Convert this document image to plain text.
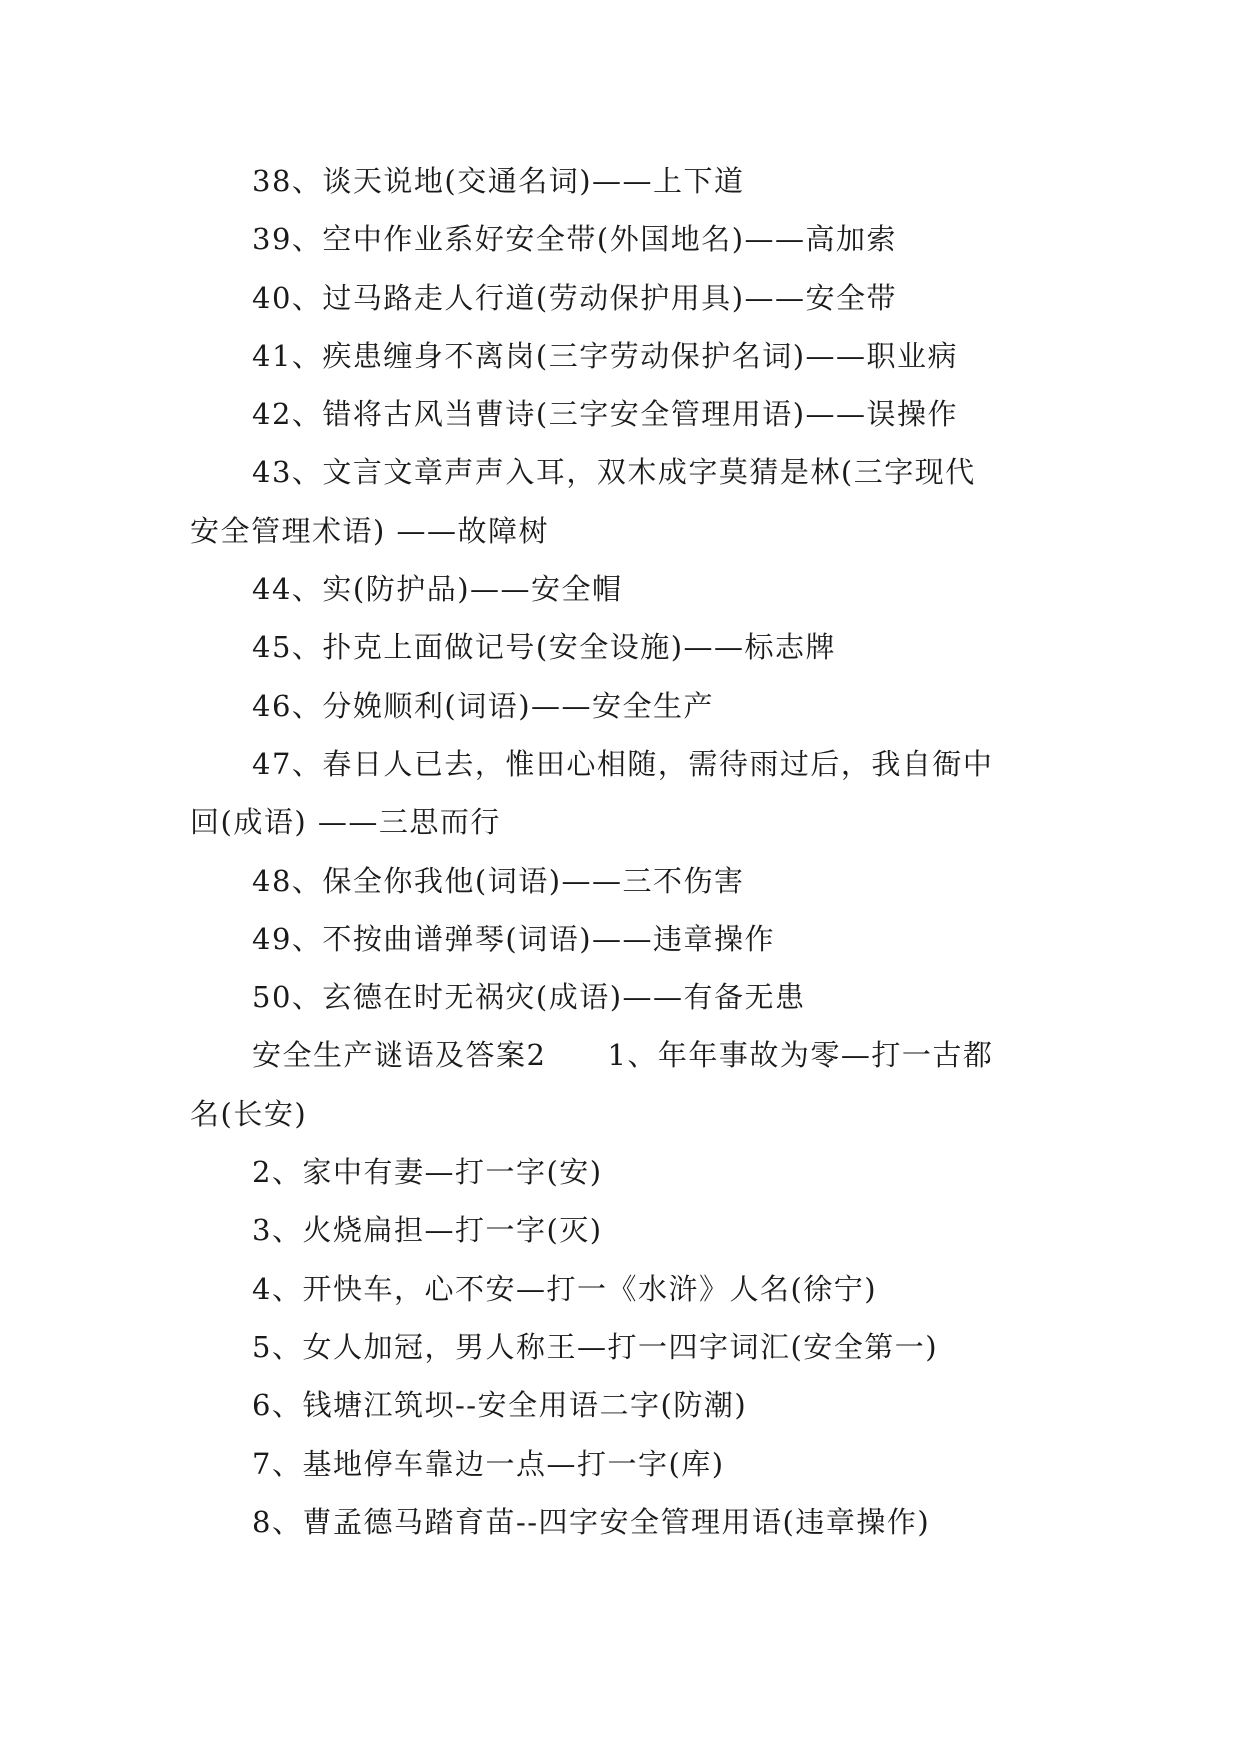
38、谈天说地(交通名词)——上下道
39、空中作业系好安全带(外国地名)——高加索
40、过马路走人行道(劳动保护用具)——安全带
41、疾患缠身不离岗(三字劳动保护名词)——职业病
42、错将古风当曹诗(三字安全管理用语)——误操作
43、文言文章声声入耳，双木成字莫猜是林(三字现代
安全管理术语) ——故障树
44、实(防护品)——安全帽
45、扑克上面做记号(安全设施)——标志牌
46、分娩顺利(词语)——安全生产
47、春日人已去，惟田心相随，需待雨过后，我自衙中
回(成语) ——三思而行
48、保全你我他(词语)——三不伤害
49、不按曲谱弹琴(词语)——违章操作
50、玄德在时无祸灾(成语)——有备无患
安全生产谜语及答案2　　1、年年事故为零—打一古都
名(长安)
2、家中有妻—打一字(安)
3、火烧扁担—打一字(灭)
4、开快车，心不安—打一《水浒》人名(徐宁)
5、女人加冠，男人称王—打一四字词汇(安全第一)
6、钱塘江筑坝--安全用语二字(防潮)
7、基地停车靠边一点—打一字(库)
8、曹孟德马踏育苗--四字安全管理用语(违章操作)
